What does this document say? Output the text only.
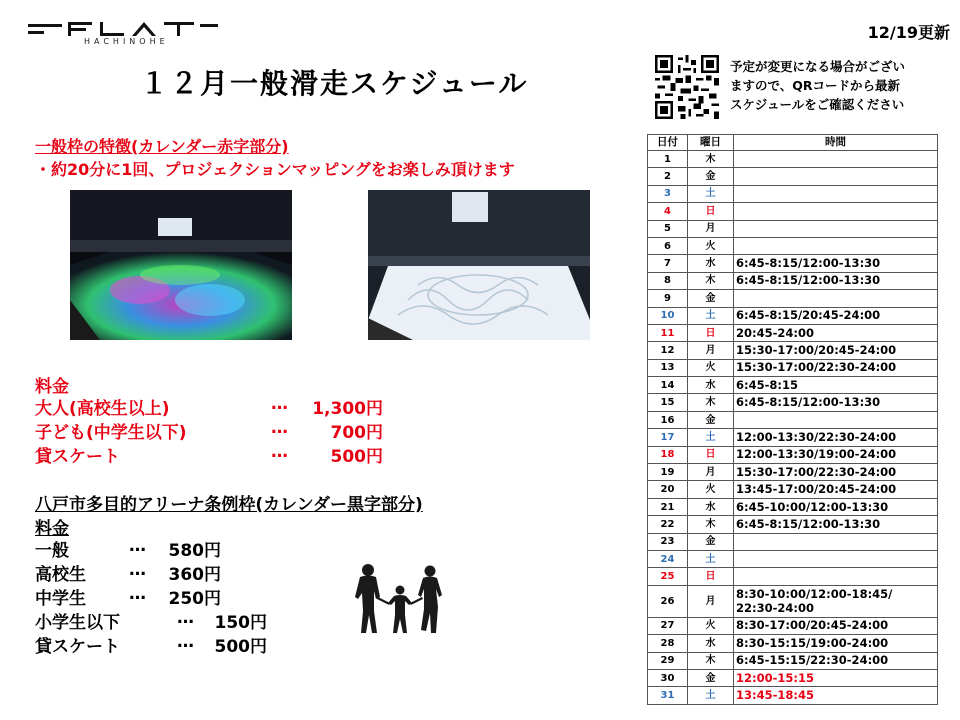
HACHINOHE	12/19更新
１２月一般滑走スケジュール
予定が変更になる場合がござい
ますので、QRコードから最新
スケジュールをご確認ください
一般枠の特徴(カレンダー赤字部分)
・約20分に1回、プロジェクションマッピングをお楽しみ頂けます
料金
大人(高校生以上)	…	1,300円
子ども(中学生以下)	…	700円
貸スケート	…	500円
八戸市多目的アリーナ条例枠(カレンダー黒字部分)
料金
一般	…	580円
高校生	…	360円
中学生	…	250円
小学生以下	…	150円
貸スケート	…	500円
日付	曜日	時間
1	木	
2	金	
3	土	
4	日	
5	月	
6	火	
7	水	6:45-8:15/12:00-13:30
8	木	6:45-8:15/12:00-13:30
9	金	
10	土	6:45-8:15/20:45-24:00
11	日	20:45-24:00
12	月	15:30-17:00/20:45-24:00
13	火	15:30-17:00/22:30-24:00
14	水	6:45-8:15
15	木	6:45-8:15/12:00-13:30
16	金	
17	土	12:00-13:30/22:30-24:00
18	日	12:00-13:30/19:00-24:00
19	月	15:30-17:00/22:30-24:00
20	火	13:45-17:00/20:45-24:00
21	水	6:45-10:00/12:00-13:30
22	木	6:45-8:15/12:00-13:30
23	金	
24	土	
25	日	
26	月	8:30-10:00/12:00-18:45/ 22:30-24:00
27	火	8:30-17:00/20:45-24:00
28	水	8:30-15:15/19:00-24:00
29	木	6:45-15:15/22:30-24:00
30	金	12:00-15:15
31	土	13:45-18:45
